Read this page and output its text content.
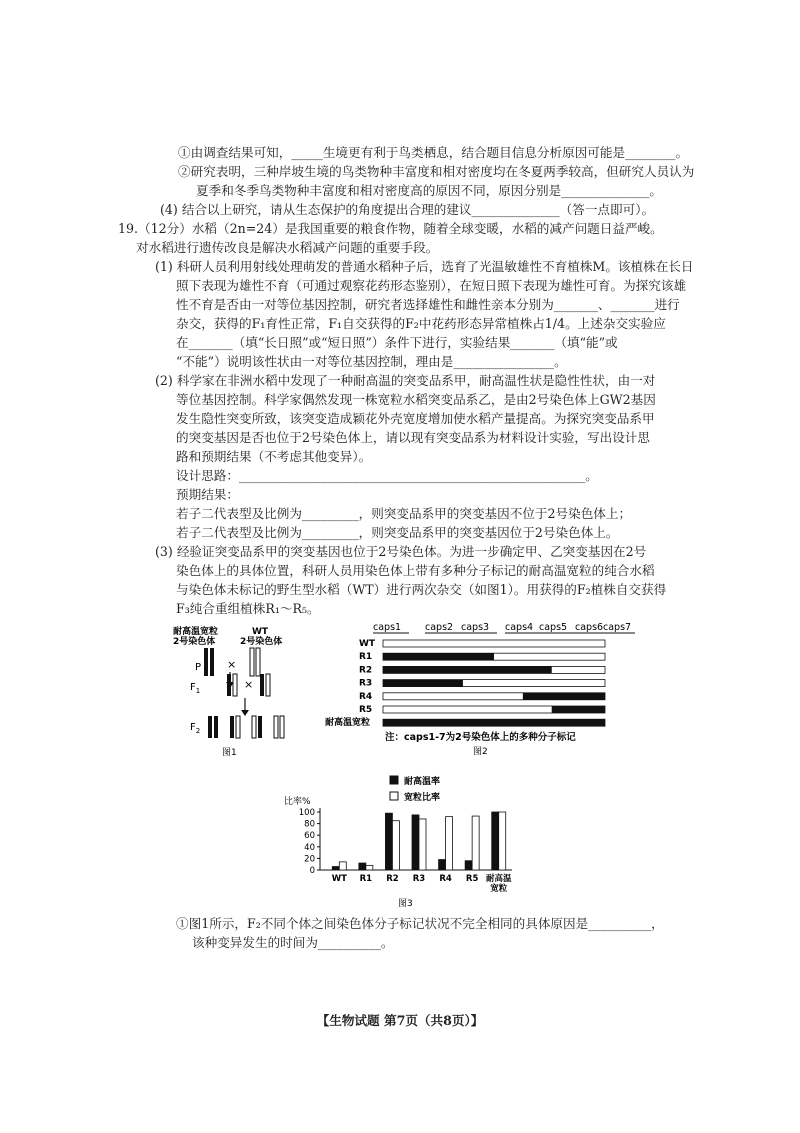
①由调查结果可知，_____生境更有利于鸟类栖息，结合题目信息分析原因可能是________。
②研究表明，三种岸坡生境的鸟类物种丰富度和相对密度均在冬夏两季较高，但研究人员认为
夏季和冬季鸟类物种丰富度和相对密度高的原因不同，原因分别是______________。
(4) 结合以上研究，请从生态保护的角度提出合理的建议______________（答一点即可）。
19.（12分）水稻（2n=24）是我国重要的粮食作物，随着全球变暖，水稻的减产问题日益严峻。
对水稻进行遗传改良是解决水稻减产问题的重要手段。
(1) 科研人员利用射线处理萌发的普通水稻种子后，选育了光温敏雄性不育植株M。该植株在长日
照下表现为雄性不育（可通过观察花药形态鉴别），在短日照下表现为雄性可育。为探究该雄
性不育是否由一对等位基因控制，研究者选择雄性和雌性亲本分别为_______、_______进行
杂交，获得的F₁育性正常，F₁自交获得的F₂中花药形态异常植株占1/4。上述杂交实验应
在_______（填“长日照”或“短日照”）条件下进行，实验结果_______（填“能”或
“不能”）说明该性状由一对等位基因控制，理由是________________。
(2) 科学家在非洲水稻中发现了一种耐高温的突变品系甲，耐高温性状是隐性性状，由一对
等位基因控制。科学家偶然发现一株宽粒水稻突变品系乙，是由2号染色体上GW2基因
发生隐性突变所致，该突变造成颖花外壳宽度增加使水稻产量提高。为探究突变品系甲
的突变基因是否也位于2号染色体上，请以现有突变品系为材料设计实验，写出设计思
路和预期结果（不考虑其他变异）。
设计思路：_______________________________________________________。
预期结果：
若子二代表型及比例为_________，则突变品系甲的突变基因不位于2号染色体上；
若子二代表型及比例为_________，则突变品系甲的突变基因位于2号染色体上。
(3) 经验证突变品系甲的突变基因也位于2号染色体。为进一步确定甲、乙突变基因在2号
染色体上的具体位置，科研人员用染色体上带有多种分子标记的耐高温宽粒的纯合水稻
与染色体未标记的野生型水稻（WT）进行两次杂交（如图1）。用获得的F₂植株自交获得
F₃纯合重组植株R₁～R₅。
耐高温宽粒
2号染色体
WT
2号染色体
P ×
$F_1$	×
$F_2$
图1
caps1	caps2 caps3 caps4 caps5 caps6 caps7
WT
R1
R2
R3
R4
R5
耐高温宽粒
注：caps1-7为2号染色体上的多种分子标记
图2
耐高温率
宽粒比率
比率%
0
20
40
60
80
100
WT R1 R2 R3 R4 R5 耐高温
宽粒
图3
①图1所示，F₂不同个体之间染色体分子标记状况不完全相同的具体原因是__________，
该种变异发生的时间为__________。
【生物试题 第7页（共8页）】
